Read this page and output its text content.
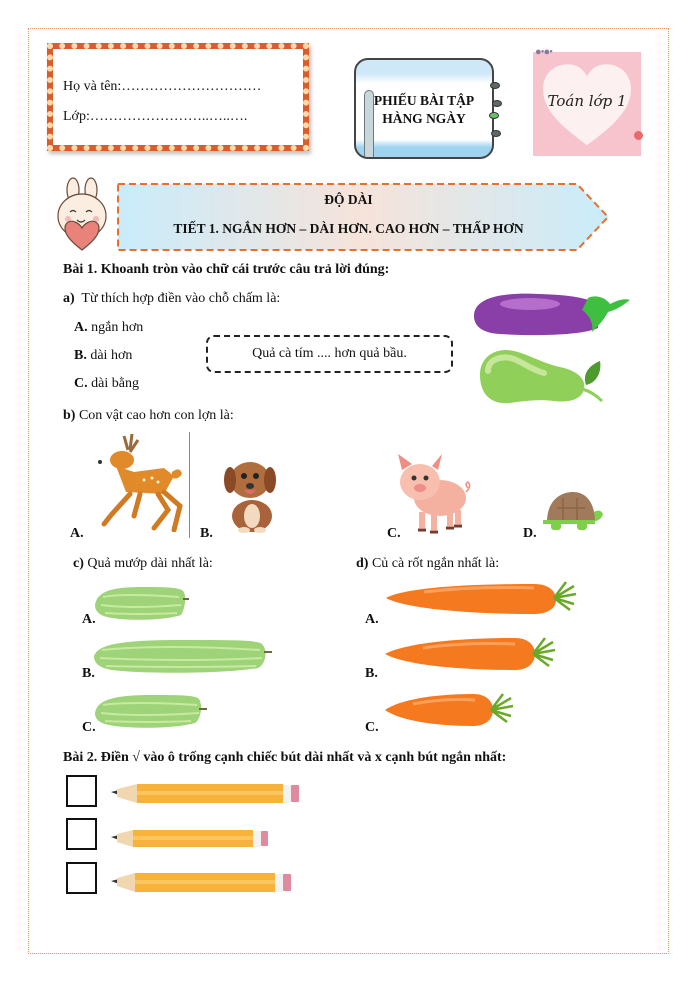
Họ và tên:…………………………
Lớp:……………………..…..….
PHIẾU BÀI TẬP
HÀNG NGÀY
●•●•
Toán lớp 1
ĐỘ DÀI
TIẾT 1. NGẮN HƠN – DÀI HƠN. CAO HƠN – THẤP HƠN
Bài 1. Khoanh tròn vào chữ cái trước câu trả lời đúng:
a) Từ thích hợp điền vào chỗ chấm là:
A. ngắn hơn
B. dài hơn
C. dài bằng
Quả cà tím .... hơn quả bầu.
b) Con vật cao hơn con lợn là:
A.	B.	C.	D.
c) Quả mướp dài nhất là:	d) Củ cà rốt ngắn nhất là:
A.
B.
C.
A.
B.
C.
Bài 2. Điền √ vào ô trống cạnh chiếc bút dài nhất và x cạnh bút ngắn nhất:
